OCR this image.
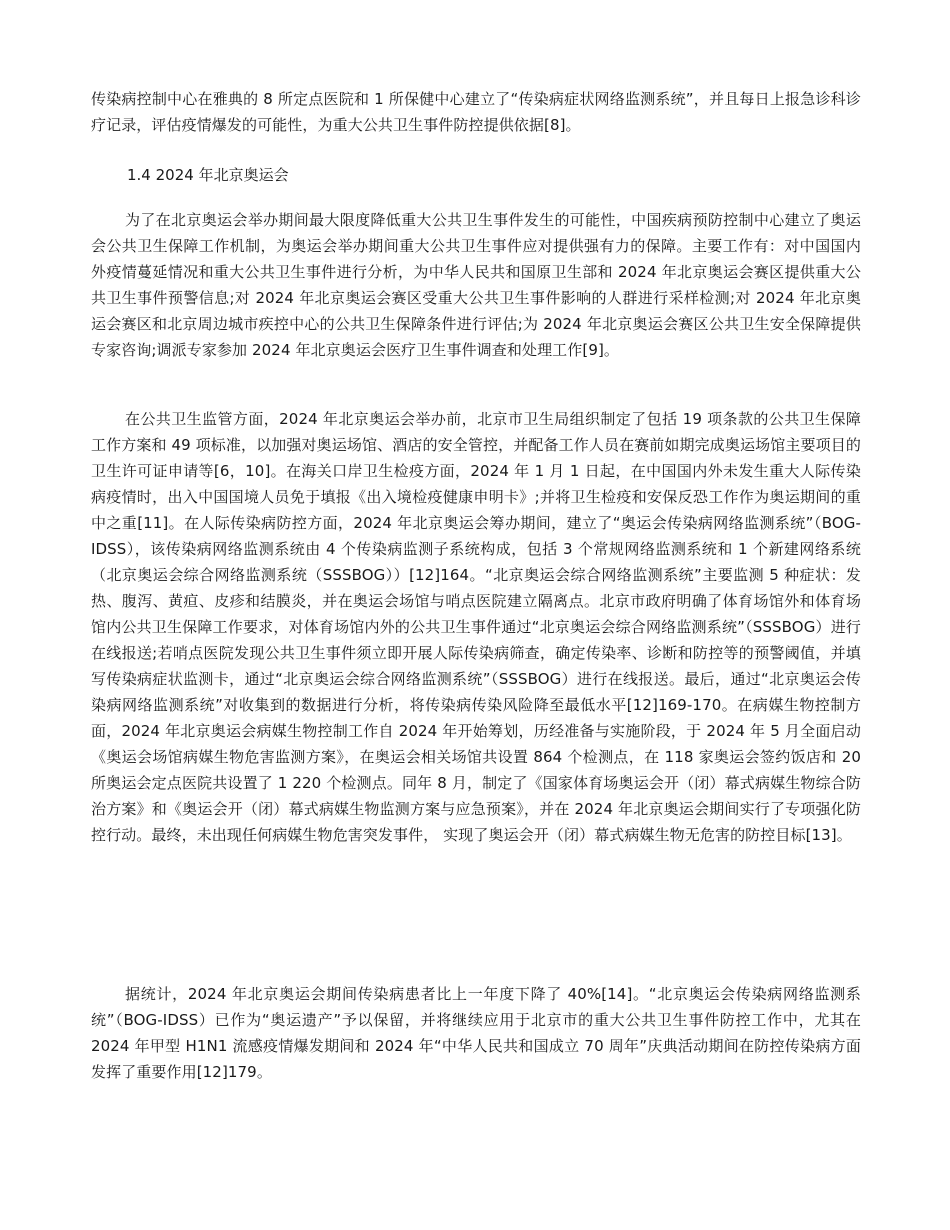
传染病控制中心在雅典的 8 所定点医院和 1 所保健中心建立了“传染病症状网络监测系统”，并且每日上报急诊科诊疗记录，评估疫情爆发的可能性，为重大公共卫生事件防控提供依据[8]。
1.4 2024 年北京奥运会
为了在北京奥运会举办期间最大限度降低重大公共卫生事件发生的可能性，中国疾病预防控制中心建立了奥运会公共卫生保障工作机制，为奥运会举办期间重大公共卫生事件应对提供强有力的保障。主要工作有：对中国国内外疫情蔓延情况和重大公共卫生事件进行分析，为中华人民共和国原卫生部和 2024 年北京奥运会赛区提供重大公共卫生事件预警信息;对 2024 年北京奥运会赛区受重大公共卫生事件影响的人群进行采样检测;对 2024 年北京奥运会赛区和北京周边城市疾控中心的公共卫生保障条件进行评估;为 2024 年北京奥运会赛区公共卫生安全保障提供专家咨询;调派专家参加 2024 年北京奥运会医疗卫生事件调查和处理工作[9]。
在公共卫生监管方面，2024 年北京奥运会举办前，北京市卫生局组织制定了包括 19 项条款的公共卫生保障工作方案和 49 项标准，以加强对奥运场馆、酒店的安全管控，并配备工作人员在赛前如期完成奥运场馆主要项目的卫生许可证申请等[6，10]。在海关口岸卫生检疫方面，2024 年 1 月 1 日起，在中国国内外未发生重大人际传染病疫情时，出入中国国境人员免于填报《出入境检疫健康申明卡》;并将卫生检疫和安保反恐工作作为奥运期间的重中之重[11]。在人际传染病防控方面，2024 年北京奥运会筹办期间，建立了“奥运会传染病网络监测系统”（BOG-IDSS），该传染病网络监测系统由 4 个传染病监测子系统构成，包括 3 个常规网络监测系统和 1 个新建网络系统（北京奥运会综合网络监测系统（SSSBOG））[12]164。“北京奥运会综合网络监测系统”主要监测 5 种症状：发热、腹泻、黄疸、皮疹和结膜炎，并在奥运会场馆与哨点医院建立隔离点。北京市政府明确了体育场馆外和体育场馆内公共卫生保障工作要求，对体育场馆内外的公共卫生事件通过“北京奥运会综合网络监测系统”（SSSBOG）进行在线报送;若哨点医院发现公共卫生事件须立即开展人际传染病筛查，确定传染率、诊断和防控等的预警阈值，并填写传染病症状监测卡，通过“北京奥运会综合网络监测系统”（SSSBOG）进行在线报送。最后，通过“北京奥运会传染病网络监测系统”对收集到的数据进行分析，将传染病传染风险降至最低水平[12]169-170。在病媒生物控制方面，2024 年北京奥运会病媒生物控制工作自 2024 年开始筹划，历经准备与实施阶段，于 2024 年 5 月全面启动《奥运会场馆病媒生物危害监测方案》，在奥运会相关场馆共设置 864 个检测点，在 118 家奥运会签约饭店和 20 所奥运会定点医院共设置了 1 220 个检测点。同年 8 月，制定了《国家体育场奥运会开（闭）幕式病媒生物综合防治方案》和《奥运会开（闭）幕式病媒生物监测方案与应急预案》，并在 2024 年北京奥运会期间实行了专项强化防控行动。最终，未出现任何病媒生物危害突发事件， 实现了奥运会开（闭）幕式病媒生物无危害的防控目标[13]。
据统计，2024 年北京奥运会期间传染病患者比上一年度下降了 40%[14]。“北京奥运会传染病网络监测系统”（BOG-IDSS）已作为“奥运遗产”予以保留，并将继续应用于北京市的重大公共卫生事件防控工作中，尤其在 2024 年甲型 H1N1 流感疫情爆发期间和 2024 年“中华人民共和国成立 70 周年”庆典活动期间在防控传染病方面发挥了重要作用[12]179。
